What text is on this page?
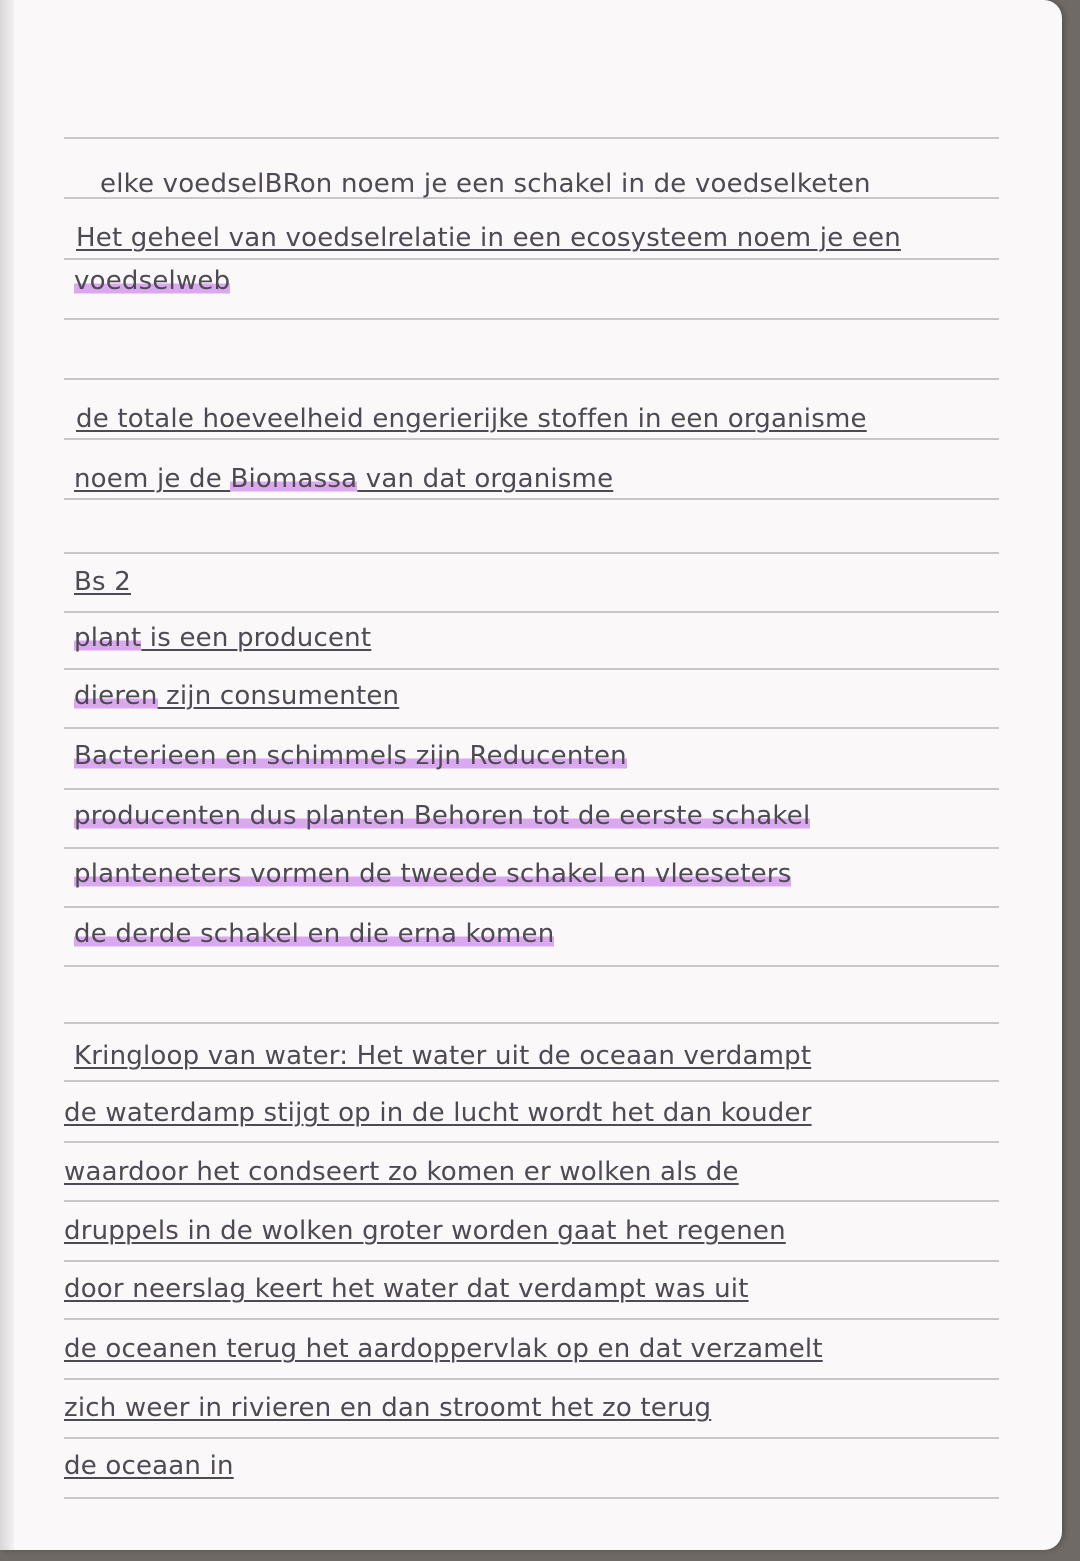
elke voedselBRon noem je een schakel in de voedselketen
Het geheel van voedselrelatie in een ecosysteem noem je een
voedselweb
de totale hoeveelheid engerierijke stoffen in een organisme
noem je de Biomassa van dat organisme
Bs 2
plant is een producent
dieren zijn consumenten
Bacterieen en schimmels zijn Reducenten
producenten dus planten Behoren tot de eerste schakel
planteneters vormen de tweede schakel en vleeseters
de derde schakel en die erna komen
Kringloop van water: Het water uit de oceaan verdampt
de waterdamp stijgt op in de lucht wordt het dan kouder
waardoor het condseert zo komen er wolken als de
druppels in de wolken groter worden gaat het regenen
door neerslag keert het water dat verdampt was uit
de oceanen terug het aardoppervlak op en dat verzamelt
zich weer in rivieren en dan stroomt het zo terug
de oceaan in
